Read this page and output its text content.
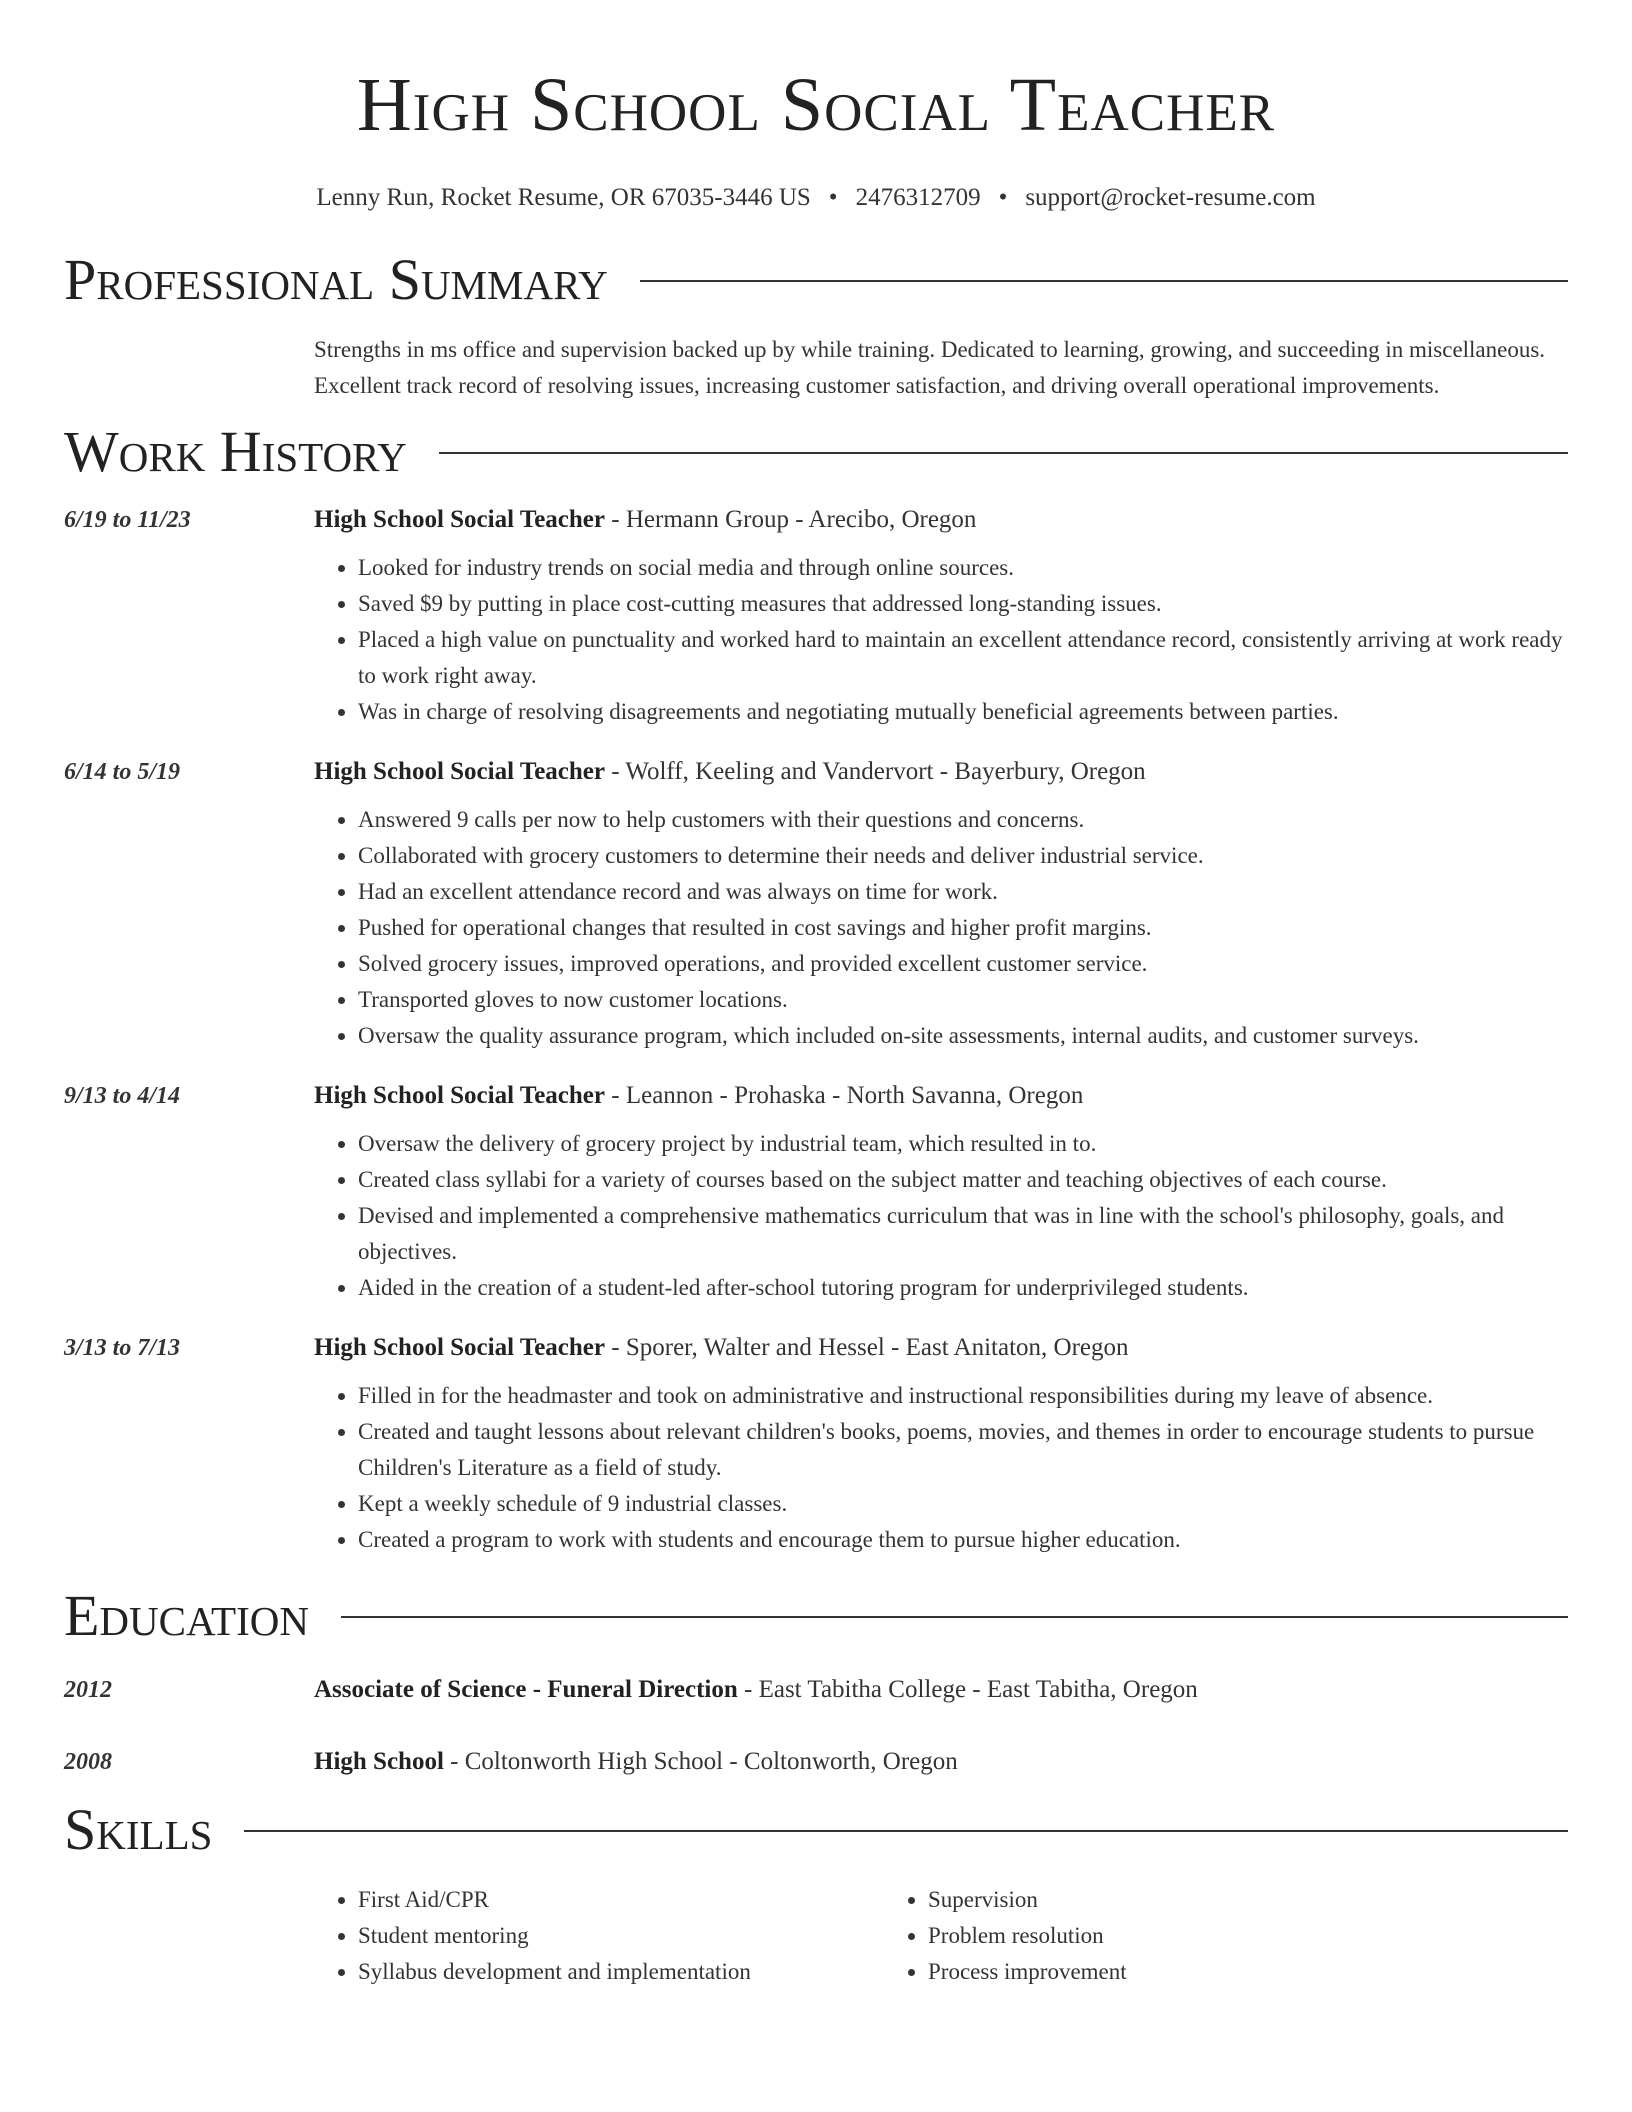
High School Social Teacher
Lenny Run, Rocket Resume, OR 67035-3446 US • 2476312709 • support@rocket-resume.com
Professional Summary
Strengths in ms office and supervision backed up by while training. Dedicated to learning, growing, and succeeding in miscellaneous. Excellent track record of resolving issues, increasing customer satisfaction, and driving overall operational improvements.
Work History
6/19 to 11/23	High School Social Teacher - Hermann Group - Arecibo, Oregon
• Looked for industry trends on social media and through online sources.
• Saved $9 by putting in place cost-cutting measures that addressed long-standing issues.
• Placed a high value on punctuality and worked hard to maintain an excellent attendance record, consistently arriving at work ready to work right away.
• Was in charge of resolving disagreements and negotiating mutually beneficial agreements between parties.
6/14 to 5/19	High School Social Teacher - Wolff, Keeling and Vandervort - Bayerbury, Oregon
• Answered 9 calls per now to help customers with their questions and concerns.
• Collaborated with grocery customers to determine their needs and deliver industrial service.
• Had an excellent attendance record and was always on time for work.
• Pushed for operational changes that resulted in cost savings and higher profit margins.
• Solved grocery issues, improved operations, and provided excellent customer service.
• Transported gloves to now customer locations.
• Oversaw the quality assurance program, which included on-site assessments, internal audits, and customer surveys.
9/13 to 4/14	High School Social Teacher - Leannon - Prohaska - North Savanna, Oregon
• Oversaw the delivery of grocery project by industrial team, which resulted in to.
• Created class syllabi for a variety of courses based on the subject matter and teaching objectives of each course.
• Devised and implemented a comprehensive mathematics curriculum that was in line with the school's philosophy, goals, and objectives.
• Aided in the creation of a student-led after-school tutoring program for underprivileged students.
3/13 to 7/13	High School Social Teacher - Sporer, Walter and Hessel - East Anitaton, Oregon
• Filled in for the headmaster and took on administrative and instructional responsibilities during my leave of absence.
• Created and taught lessons about relevant children's books, poems, movies, and themes in order to encourage students to pursue Children's Literature as a field of study.
• Kept a weekly schedule of 9 industrial classes.
• Created a program to work with students and encourage them to pursue higher education.
Education
2012	Associate of Science - Funeral Direction - East Tabitha College - East Tabitha, Oregon
2008	High School - Coltonworth High School - Coltonworth, Oregon
Skills
• First Aid/CPR
• Student mentoring
• Syllabus development and implementation
• Supervision
• Problem resolution
• Process improvement
